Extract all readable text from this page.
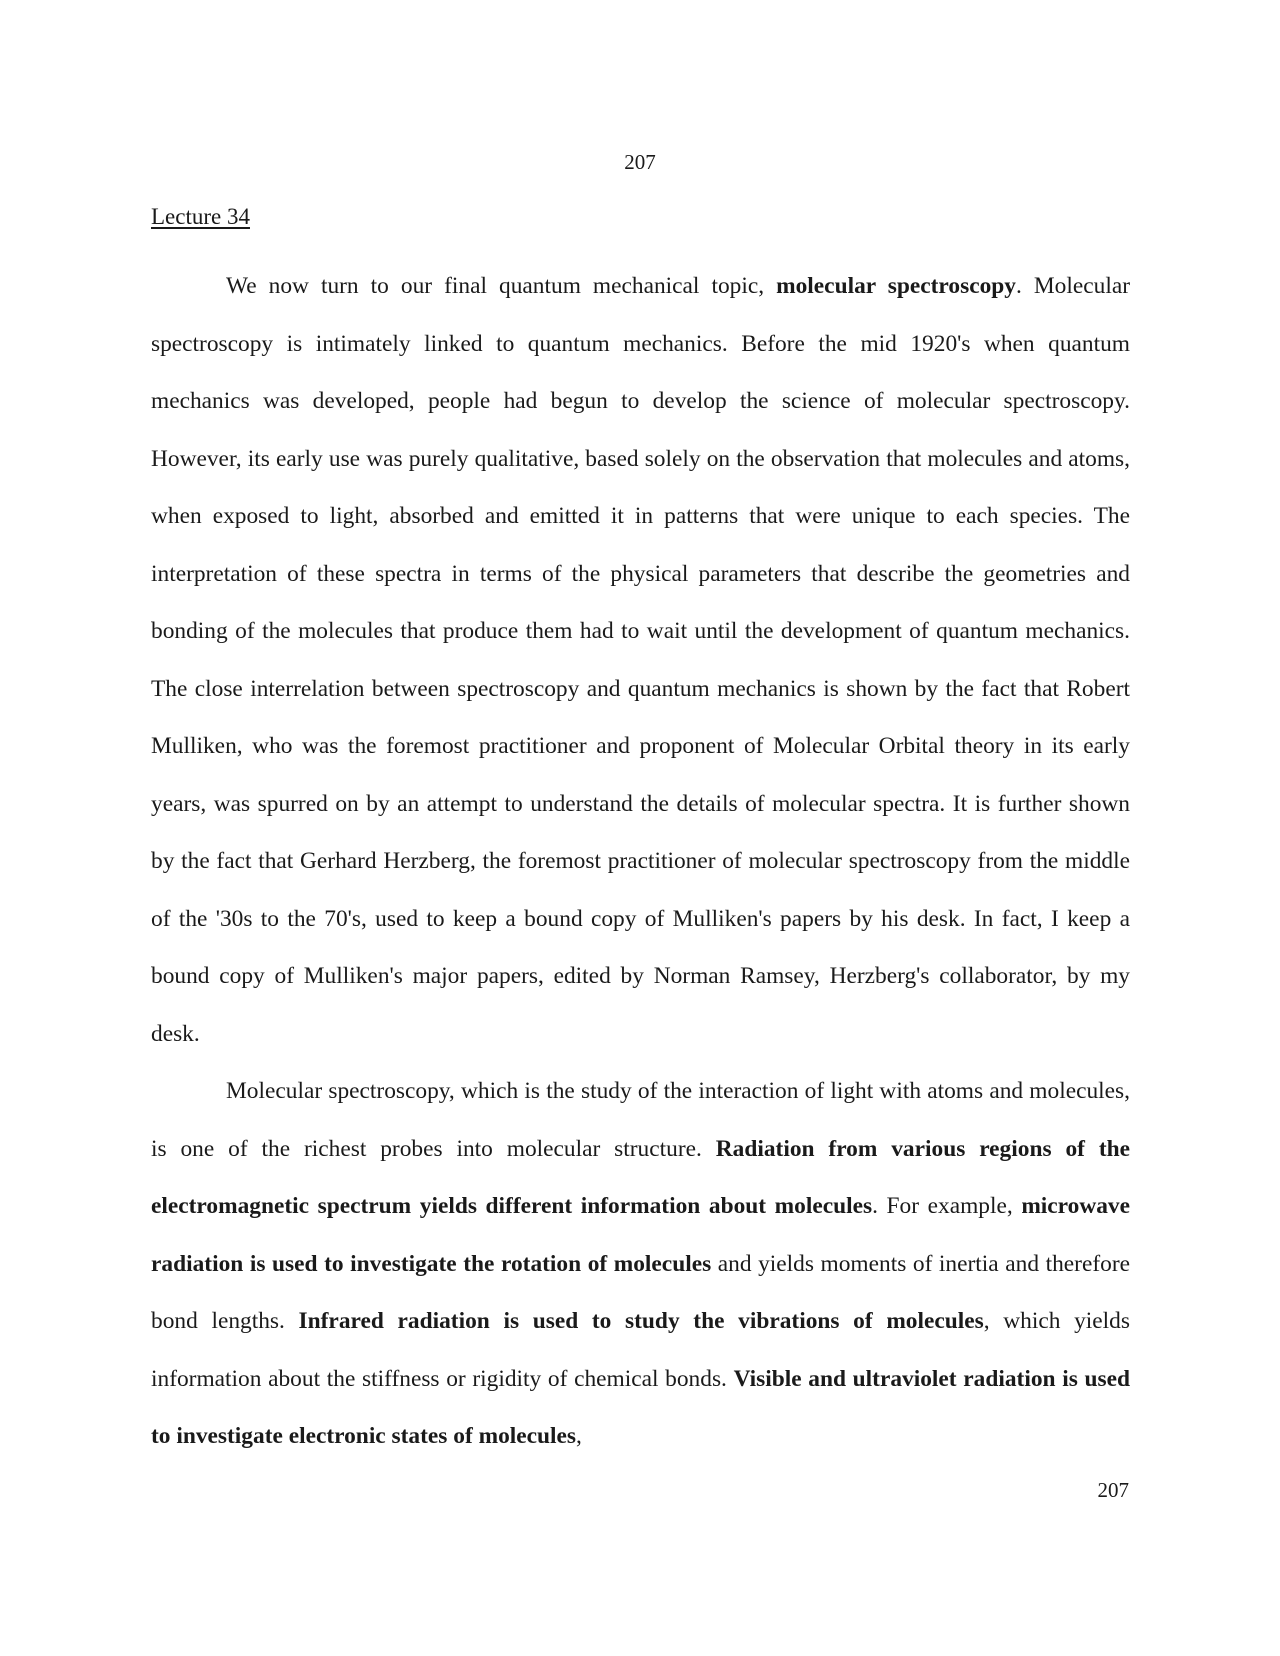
207
Lecture 34

We now turn to our final quantum mechanical topic, molecular spectroscopy. Molecular spectroscopy is intimately linked to quantum mechanics. Before the mid 1920's when quantum mechanics was developed, people had begun to develop the science of molecular spectroscopy. However, its early use was purely qualitative, based solely on the observation that molecules and atoms, when exposed to light, absorbed and emitted it in patterns that were unique to each species. The interpretation of these spectra in terms of the physical parameters that describe the geometries and bonding of the molecules that produce them had to wait until the development of quantum mechanics. The close interrelation between spectroscopy and quantum mechanics is shown by the fact that Robert Mulliken, who was the foremost practitioner and proponent of Molecular Orbital theory in its early years, was spurred on by an attempt to understand the details of molecular spectra. It is further shown by the fact that Gerhard Herzberg, the foremost practitioner of molecular spectroscopy from the middle of the '30s to the 70's, used to keep a bound copy of Mulliken's papers by his desk. In fact, I keep a bound copy of Mulliken's major papers, edited by Norman Ramsey, Herzberg's collaborator, by my desk.

Molecular spectroscopy, which is the study of the interaction of light with atoms and molecules, is one of the richest probes into molecular structure. Radiation from various regions of the electromagnetic spectrum yields different information about molecules. For example, microwave radiation is used to investigate the rotation of molecules and yields moments of inertia and therefore bond lengths. Infrared radiation is used to study the vibrations of molecules, which yields information about the stiffness or rigidity of chemical bonds. Visible and ultraviolet radiation is used to investigate electronic states of molecules,

207
